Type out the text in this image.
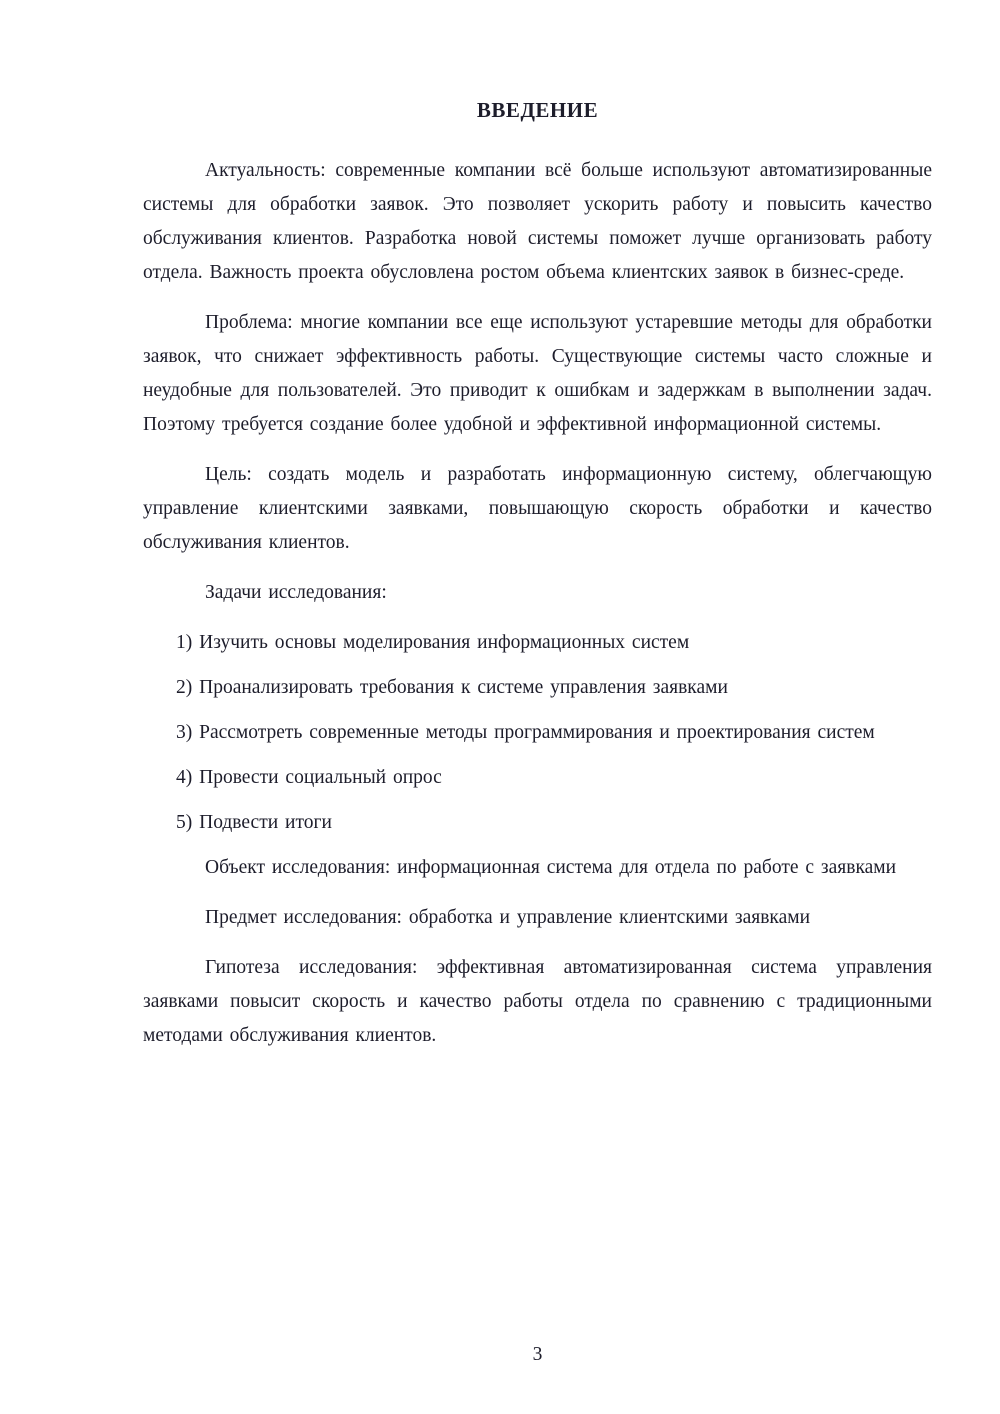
ВВЕДЕНИЕ

Актуальность: современные компании всё больше используют автоматизированные системы для обработки заявок. Это позволяет ускорить работу и повысить качество обслуживания клиентов. Разработка новой системы поможет лучше организовать работу отдела. Важность проекта обусловлена ростом объема клиентских заявок в бизнес-среде.

Проблема: многие компании все еще используют устаревшие методы для обработки заявок, что снижает эффективность работы. Существующие системы часто сложные и неудобные для пользователей. Это приводит к ошибкам и задержкам в выполнении задач. Поэтому требуется создание более удобной и эффективной информационной системы.

Цель: создать модель и разработать информационную систему, облегчающую управление клиентскими заявками, повышающую скорость обработки и качество обслуживания клиентов.

Задачи исследования:

1) Изучить основы моделирования информационных систем

2) Проанализировать требования к системе управления заявками

3) Рассмотреть современные методы программирования и проектирования систем

4) Провести социальный опрос

5) Подвести итоги

Объект исследования: информационная система для отдела по работе с заявками

Предмет исследования: обработка и управление клиентскими заявками

Гипотеза исследования: эффективная автоматизированная система управления заявками повысит скорость и качество работы отдела по сравнению с традиционными методами обслуживания клиентов.

3
